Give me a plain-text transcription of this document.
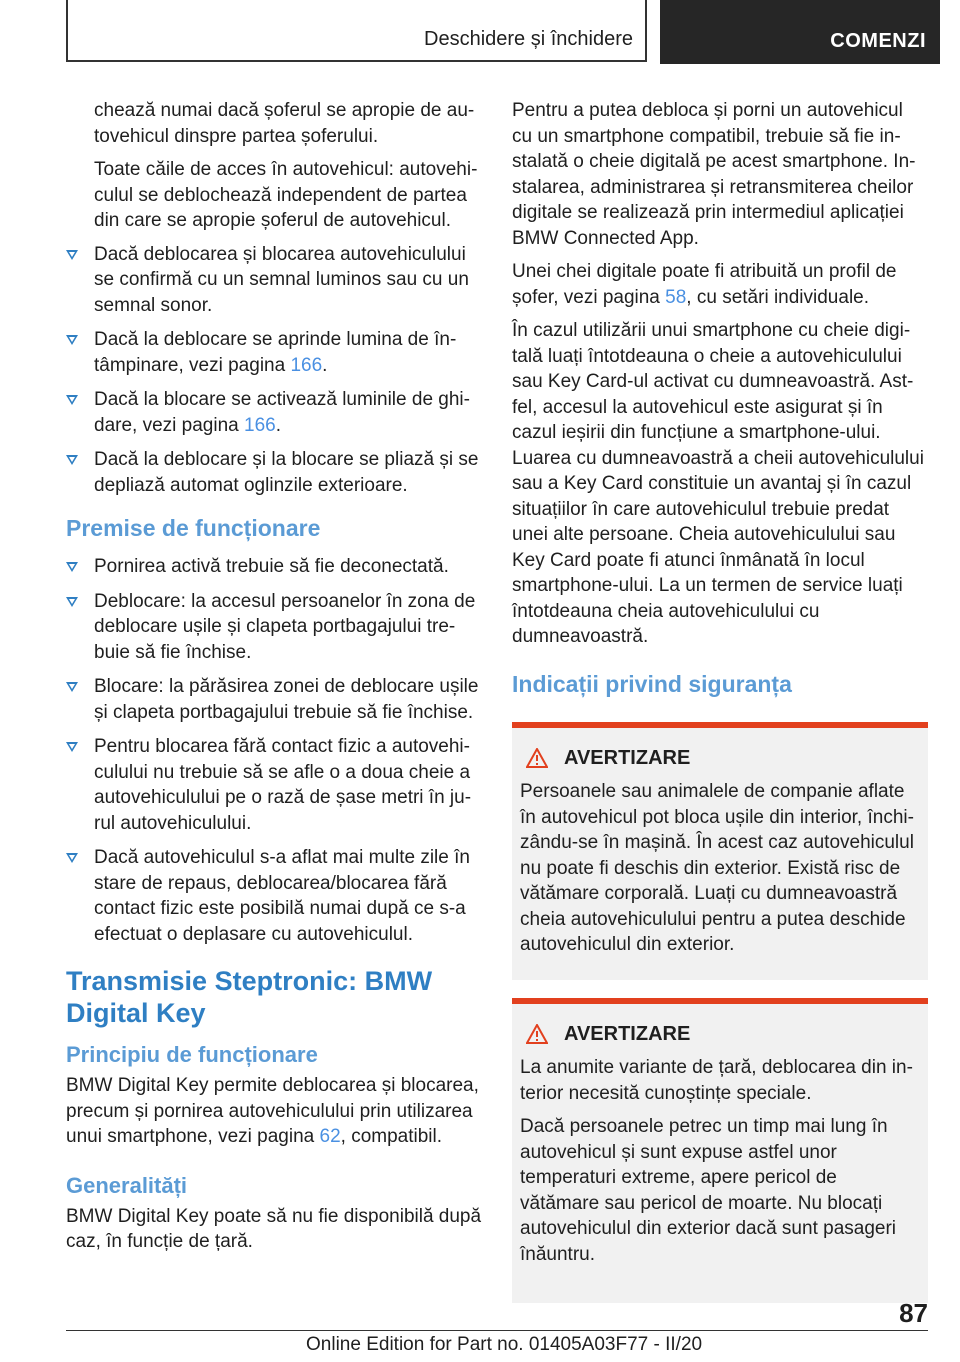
Deschidere și închidere	COMENZI

chează numai dacă șoferul se apropie de autovehicul dinspre partea șoferului.

Toate căile de acces în autovehicul: autovehiculul se deblochează independent de partea din care se apropie șoferul de autovehicul.

Dacă deblocarea și blocarea autovehiculului se confirmă cu un semnal luminos sau cu un semnal sonor.
Dacă la deblocare se aprinde lumina de întâmpinare, vezi pagina 166.
Dacă la blocare se activează luminile de ghidare, vezi pagina 166.
Dacă la deblocare și la blocare se pliază și se depliază automat oglinzile exterioare.
Premise de funcționare
Pornirea activă trebuie să fie deconectată.
Deblocare: la accesul persoanelor în zona de deblocare ușile și clapeta portbagajului trebuie să fie închise.
Blocare: la părăsirea zonei de deblocare ușile și clapeta portbagajului trebuie să fie închise.
Pentru blocarea fără contact fizic a autovehiculului nu trebuie să se afle o a doua cheie a autovehiculului pe o rază de șase metri în jurul autovehiculului.
Dacă autovehiculul s-a aflat mai multe zile în stare de repaus, deblocarea/blocarea fără contact fizic este posibilă numai după ce s-a efectuat o deplasare cu autovehiculul.
Transmisie Steptronic: BMW Digital Key
Principiu de funcționare

BMW Digital Key permite deblocarea și blocarea, precum și pornirea autovehiculului prin utilizarea unui smartphone, vezi pagina 62, compatibil.

Generalități

BMW Digital Key poate să nu fie disponibilă după caz, în funcție de țară.

Pentru a putea debloca și porni un autovehicul cu un smartphone compatibil, trebuie să fie instalată o cheie digitală pe acest smartphone. Instalarea, administrarea și retransmiterea cheilor digitale se realizează prin intermediul aplicației BMW Connected App.

Unei chei digitale poate fi atribuită un profil de șofer, vezi pagina 58, cu setări individuale.

În cazul utilizării unui smartphone cu cheie digitală luați întotdeauna o cheie a autovehiculului sau Key Card-ul activat cu dumneavoastră. Astfel, accesul la autovehicul este asigurat și în cazul ieșirii din funcțiune a smartphone-ului. Luarea cu dumneavoastră a cheii autovehiculului sau a Key Card constituie un avantaj și în cazul situațiilor în care autovehiculul trebuie predat unei alte persoane. Cheia autovehiculului sau Key Card poate fi atunci înmânată în locul smartphone-ului. La un termen de service luați întotdeauna cheia autovehiculului cu dumneavoastră.

Indicații privind siguranța
AVERTIZARE

Persoanele sau animalele de companie aflate în autovehicul pot bloca ușile din interior, închizându-se în mașină. În acest caz autovehiculul nu poate fi deschis din exterior. Există risc de vătămare corporală. Luați cu dumneavoastră cheia autovehiculului pentru a putea deschide autovehiculul din exterior.

AVERTIZARE

La anumite variante de țară, deblocarea din interior necesită cunoștințe speciale.

Dacă persoanele petrec un timp mai lung în autovehicul și sunt expuse astfel unor temperaturi extreme, apere pericol de vătămare sau pericol de moarte. Nu blocați autovehiculul din exterior dacă sunt pasageri înăuntru.

87
Online Edition for Part no. 01405A03F77 - II/20
